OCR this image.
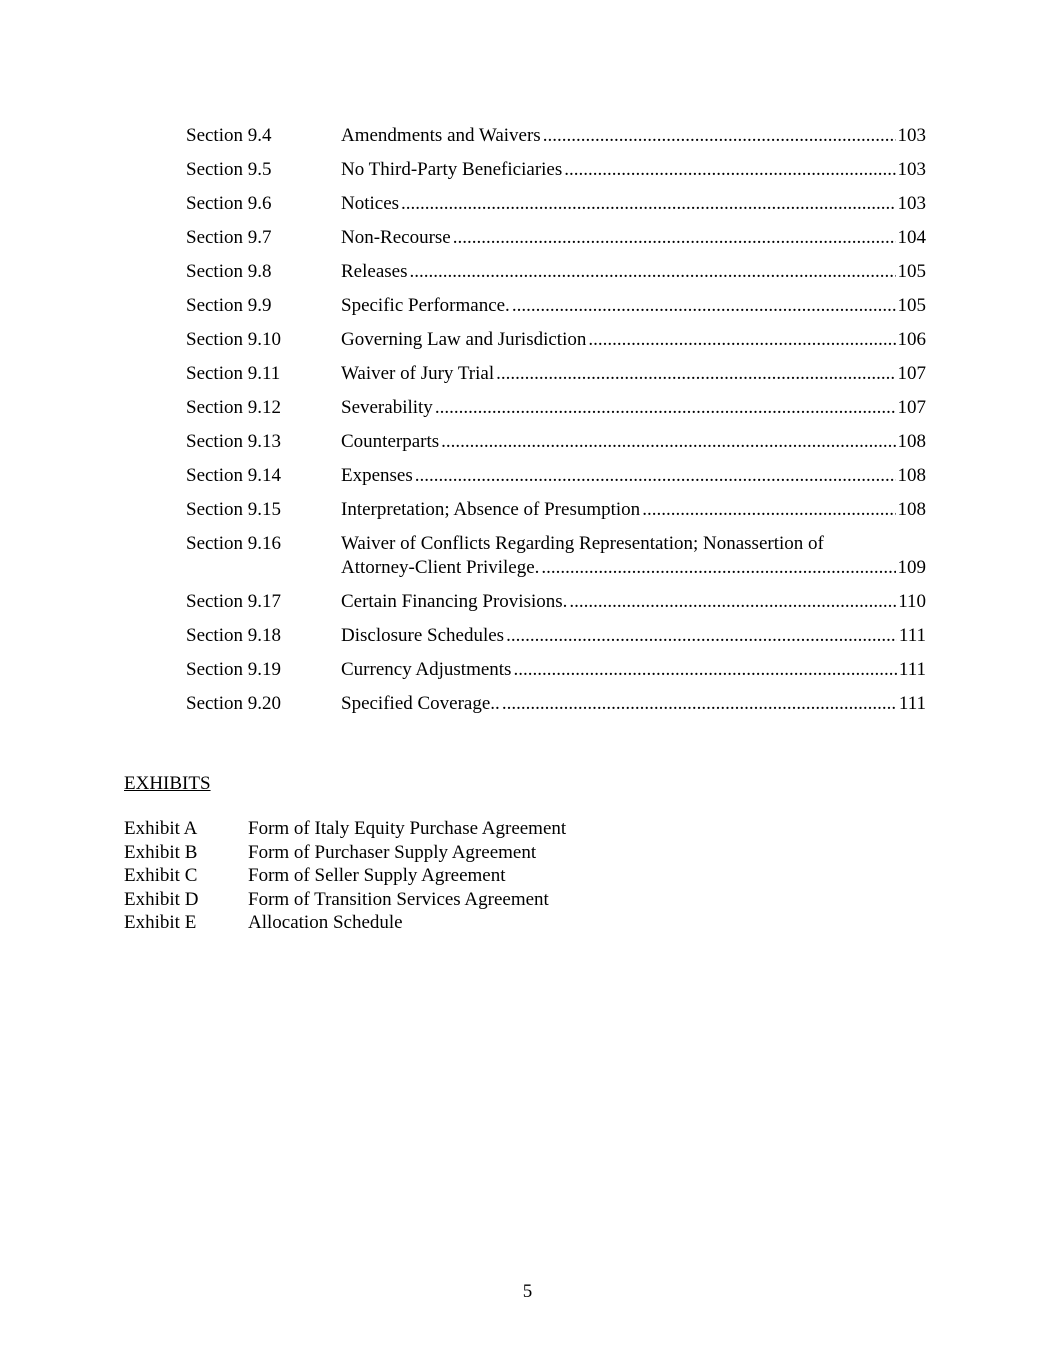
Section 9.4	Amendments and Waivers .....	103
Section 9.5	No Third-Party Beneficiaries .....	103
Section 9.6	Notices .....	103
Section 9.7	Non-Recourse .....	104
Section 9.8	Releases .....	105
Section 9.9	Specific Performance. .....	105
Section 9.10	Governing Law and Jurisdiction .....	106
Section 9.11	Waiver of Jury Trial .....	107
Section 9.12	Severability .....	107
Section 9.13	Counterparts .....	108
Section 9.14	Expenses .....	108
Section 9.15	Interpretation; Absence of Presumption .....	108
Section 9.16	Waiver of Conflicts Regarding Representation; Nonassertion of
Attorney-Client Privilege. .....	109
Section 9.17	Certain Financing Provisions. .....	110
Section 9.18	Disclosure Schedules .....	111
Section 9.19	Currency Adjustments .....	111
Section 9.20	Specified Coverage.. .....	111
EXHIBITS
Exhibit A	Form of Italy Equity Purchase Agreement
Exhibit B	Form of Purchaser Supply Agreement
Exhibit C	Form of Seller Supply Agreement
Exhibit D	Form of Transition Services Agreement
Exhibit E	Allocation Schedule
5
